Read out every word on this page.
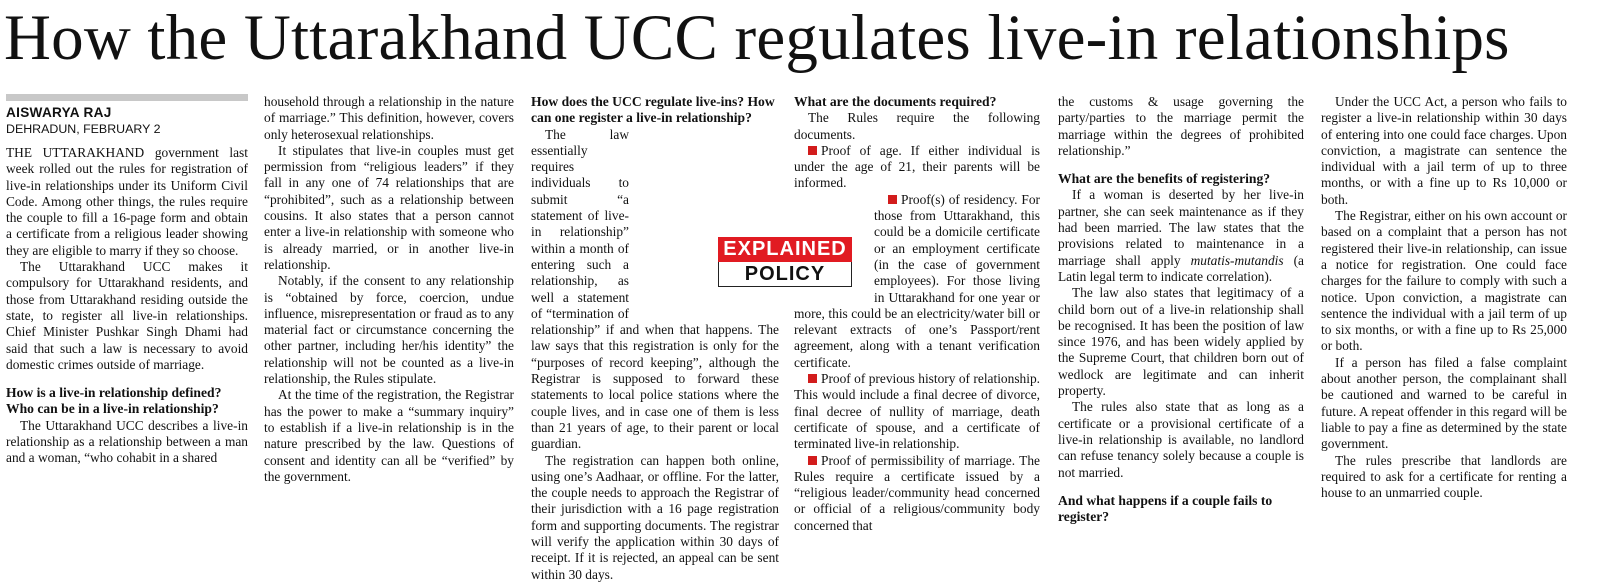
How the Uttarakhand UCC regulates live-in relationships
AISWARYA RAJ
DEHRADUN, FEBRUARY 2

THE UTTARAKHAND government last week rolled out the rules for registration of live-in relationships under its Uniform Civil Code. Among other things, the rules require the couple to fill a 16-page form and obtain a certificate from a religious leader showing they are eligible to marry if they so choose.

The Uttarakhand UCC makes it compulsory for Uttarakhand residents, and those from Uttarakhand residing outside the state, to register all live-in relationships. Chief Minister Pushkar Singh Dhami had said that such a law is necessary to avoid domestic crimes outside of marriage.

How is a live-in relationship defined? Who can be in a live-in relationship?

The Uttarakhand UCC describes a live-in relationship as a relationship between a man and a woman, “who cohabit in a shared

household through a relationship in the nature of marriage.” This definition, however, covers only heterosexual relationships.

It stipulates that live-in couples must get permission from “religious leaders” if they fall in any one of 74 relationships that are “prohibited”, such as a relationship between cousins. It also states that a person cannot enter a live-in relationship with someone who is already married, or in another live-in relationship.

Notably, if the consent to any relationship is “obtained by force, coercion, undue influence, misrepresentation or fraud as to any material fact or circumstance concerning the other partner, including her/his identity” the relationship will not be counted as a live-in relationship, the Rules stipulate.

At the time of the registration, the Registrar has the power to make a “summary inquiry” to establish if a live-in relationship is in the nature prescribed by the law. Questions of consent and identity can all be “verified” by the government.

How does the UCC regulate live-ins? How can one register a live-in relationship?

The law essentially requires individuals to submit “a statement of live-in relationship” within a month of entering such a relationship, as well a statement of “termination of relationship” if and when that happens. The law says that this registration is only for the “purposes of record keeping”, although the Registrar is supposed to forward these statements to local police stations where the couple lives, and in case one of them is less than 21 years of age, to their parent or local guardian.

The registration can happen both online, using one’s Aadhaar, or offline. For the latter, the couple needs to approach the Registrar of their jurisdiction with a 16 page registration form and supporting documents. The registrar will verify the application within 30 days of receipt. If it is rejected, an appeal can be sent within 30 days.

What are the documents required?

The Rules require the following documents.

Proof of age. If either individual is under the age of 21, their parents will be informed.

Proof(s) of residency. For those from Uttarakhand, this could be a domicile certificate or an employment certificate (in the case of government employees). For those living in Uttarakhand for one year or more, this could be an electricity/water bill or relevant extracts of one’s Passport/rent agreement, along with a tenant verification certificate.

Proof of previous history of relationship. This would include a final decree of divorce, final decree of nullity of marriage, death certificate of spouse, and a certificate of terminated live-in relationship.

Proof of permissibility of marriage. The Rules require a certificate issued by a “religious leader/community head concerned or official of a religious/community body concerned that

the customs & usage governing the party/parties to the marriage permit the marriage within the degrees of prohibited relationship.”

What are the benefits of registering?

If a woman is deserted by her live-in partner, she can seek maintenance as if they had been married. The law states that the provisions related to maintenance in a marriage shall apply mutatis-mutandis (a Latin legal term to indicate correlation).

The law also states that legitimacy of a child born out of a live-in relationship shall be recognised. It has been the position of law since 1976, and has been widely applied by the Supreme Court, that children born out of wedlock are legitimate and can inherit property.

The rules also state that as long as a certificate or a provisional certificate of a live-in relationship is available, no landlord can refuse tenancy solely because a couple is not married.

And what happens if a couple fails to register?

Under the UCC Act, a person who fails to register a live-in relationship within 30 days of entering into one could face charges. Upon conviction, a magistrate can sentence the individual with a jail term of up to three months, or with a fine up to Rs 10,000 or both.

The Registrar, either on his own account or based on a complaint that a person has not registered their live-in relationship, can issue a notice for registration. One could face charges for the failure to comply with such a notice. Upon conviction, a magistrate can sentence the individual with a jail term of up to six months, or with a fine up to Rs 25,000 or both.

If a person has filed a false complaint about another person, the complainant shall be cautioned and warned to be careful in future. A repeat offender in this regard will be liable to pay a fine as determined by the state government.

The rules prescribe that landlords are required to ask for a certificate for renting a house to an unmarried couple.

EXPLAINED
POLICY
